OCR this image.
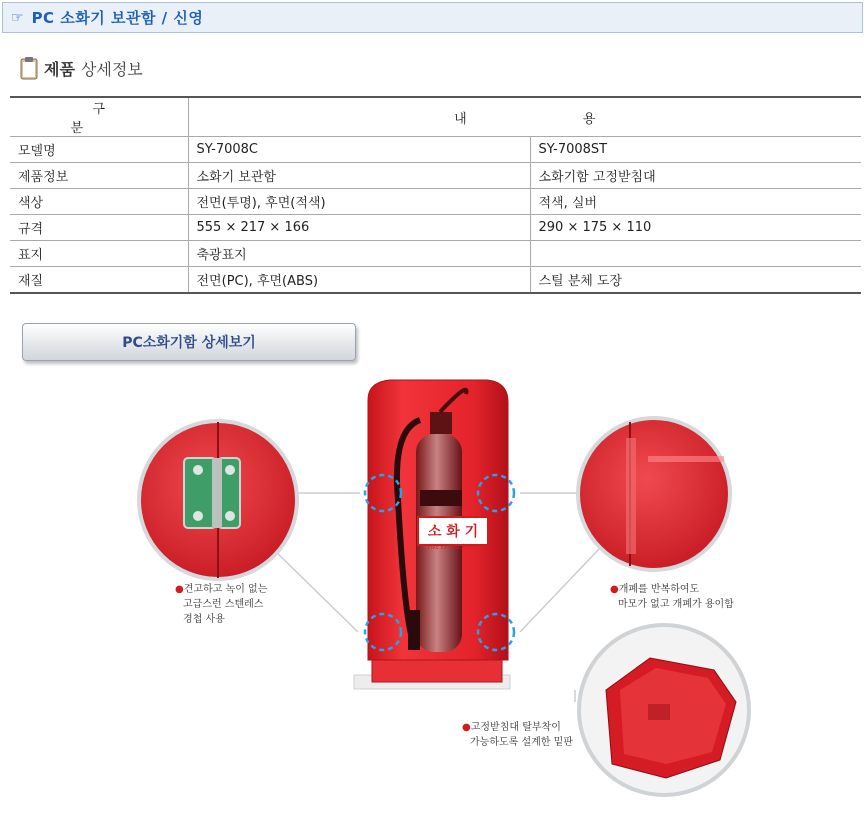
☞ PC 소화기 보관함 / 신영
제품 상세정보
구 분	내 용	
모델명	SY-7008C	SY-7008ST
제품정보	소화기 보관함	소화기함 고정받침대
색상	전면(투명), 후면(적색)	적색, 실버
규격	555 × 217 × 166	290 × 175 × 110
표지	축광표지	
재질	전면(PC), 후면(ABS)	스틸 분체 도장
PC소화기함 상세보기
소 화 기
FIRE EXTINGUISHER
●견고하고 녹이 없는
고급스런 스텐레스
경첩 사용
●개폐를 반복하여도
마모가 없고 개폐가 용이함
●고정받침대 탈부착이
가능하도록 설계한 밑판
